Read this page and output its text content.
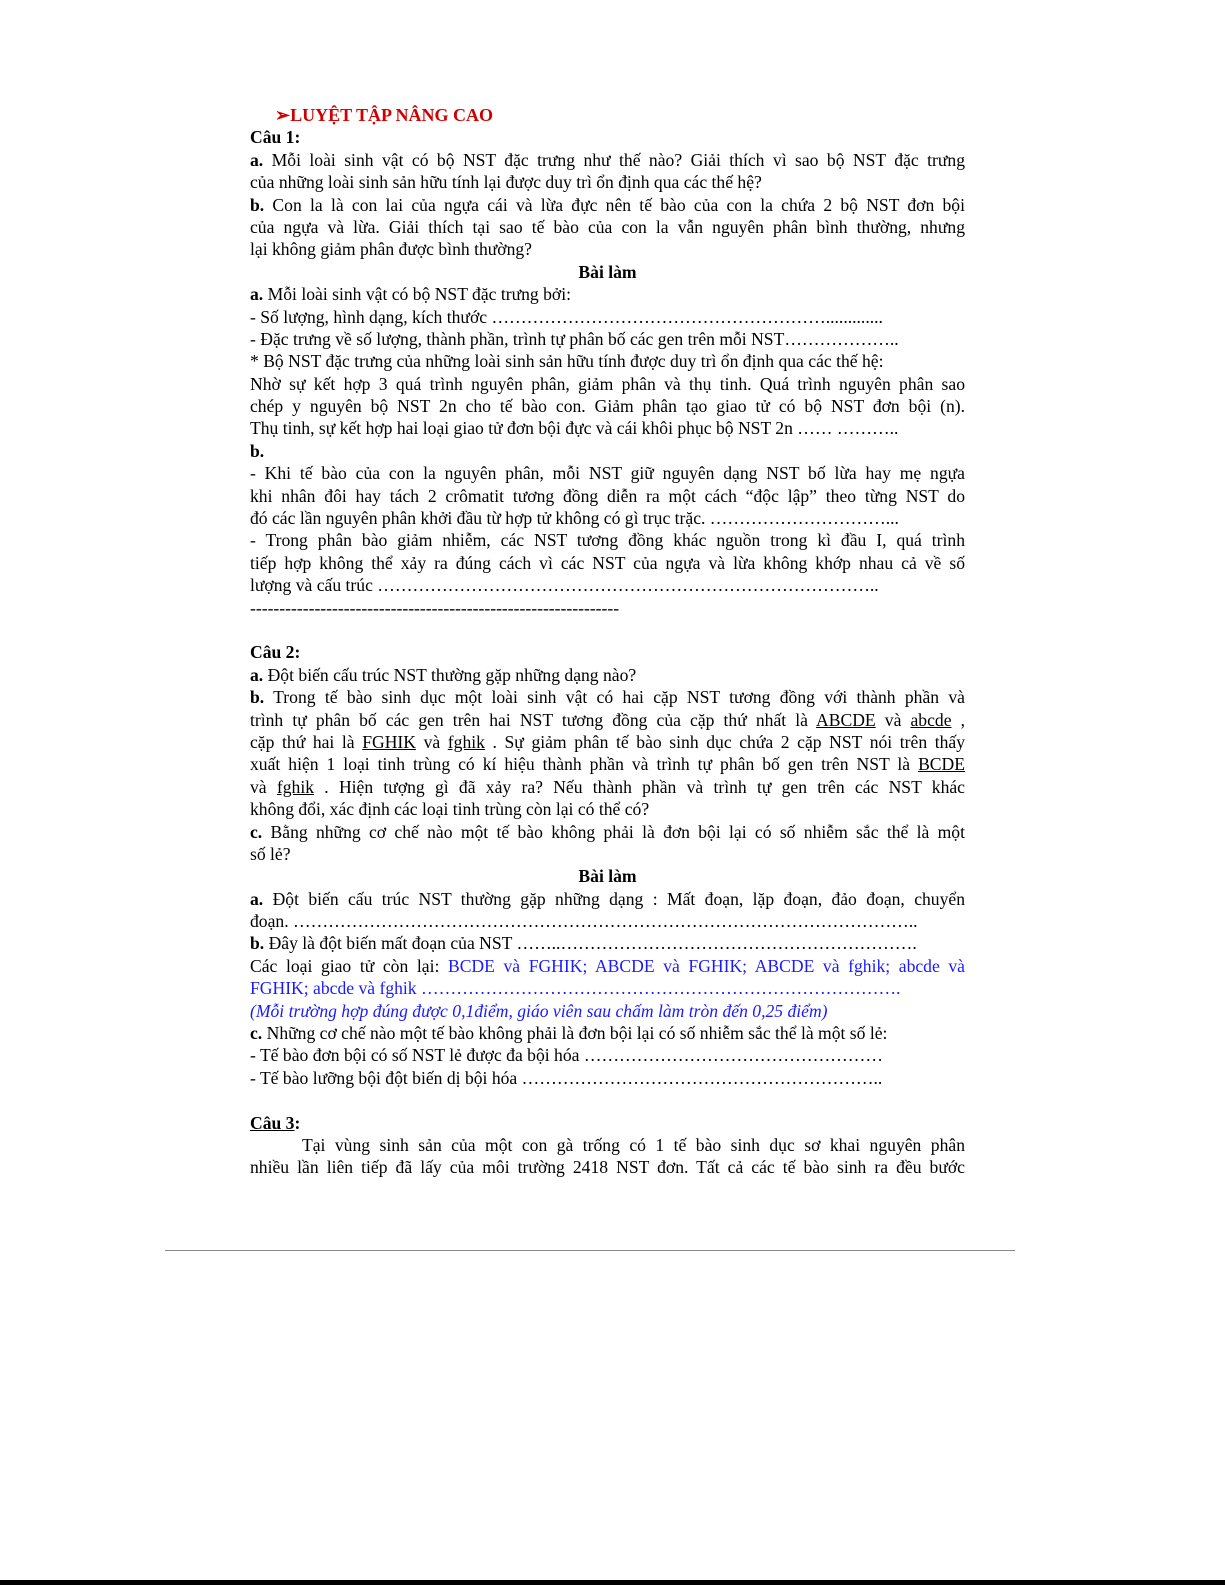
➢LUYỆT TẬP NÂNG CAO
Câu 1:
a. Mỗi loài sinh vật có bộ NST đặc trưng như thế nào? Giải thích vì sao bộ NST đặc trưng
của những loài sinh sản hữu tính lại được duy trì ổn định qua các thế hệ?
b. Con la là con lai của ngựa cái và lừa đực nên tế bào của con la chứa 2 bộ NST đơn bội
của ngựa và lừa. Giải thích tại sao tế bào của con la vẫn nguyên phân bình thường, nhưng
lại không giảm phân được bình thường?
Bài làm
a. Mỗi loài sinh vật có bộ NST đặc trưng bởi:
- Số lượng, hình dạng, kích thước ………………………………………………….............
- Đặc trưng về số lượng, thành phần, trình tự phân bố các gen trên mỗi NST………………..
* Bộ NST đặc trưng của những loài sinh sản hữu tính được duy trì ổn định qua các thế hệ:
Nhờ sự kết hợp 3 quá trình nguyên phân, giảm phân và thụ tinh. Quá trình nguyên phân sao
chép y nguyên bộ NST 2n cho tế bào con. Giảm phân tạo giao tử có bộ NST đơn bội (n).
Thụ tinh, sự kết hợp hai loại giao tử đơn bội đực và cái khôi phục bộ NST 2n …… ………..
b.
- Khi tế bào của con la nguyên phân, mỗi NST giữ nguyên dạng NST bố lừa hay mẹ ngựa
khi nhân đôi hay tách 2 crômatit tương đồng diễn ra một cách “độc lập” theo từng NST do
đó các lần nguyên phân khởi đầu từ hợp tử không có gì trục trặc. …………………………...
- Trong phân bào giảm nhiễm, các NST tương đồng khác nguồn trong kì đầu I, quá trình
tiếp hợp không thể xảy ra đúng cách vì các NST của ngựa và lừa không khớp nhau cả về số
lượng và cấu trúc …………………………………………………………………………..
---------------------------------------------------------------
Câu 2:
a. Đột biến cấu trúc NST thường gặp những dạng nào?
b. Trong tế bào sinh dục một loài sinh vật có hai cặp NST tương đồng với thành phần và
trình tự phân bố các gen trên hai NST tương đồng của cặp thứ nhất là ABCDE và abcde ,
cặp thứ hai là FGHIK và fghik . Sự giảm phân tế bào sinh dục chứa 2 cặp NST nói trên thấy
xuất hiện 1 loại tinh trùng có kí hiệu thành phần và trình tự phân bố gen trên NST là BCDE
và fghik . Hiện tượng gì đã xảy ra? Nếu thành phần và trình tự gen trên các NST khác
không đổi, xác định các loại tinh trùng còn lại có thể có?
c. Bằng những cơ chế nào một tế bào không phải là đơn bội lại có số nhiễm sắc thể là một
số lẻ?
Bài làm
a. Đột biến cấu trúc NST thường gặp những dạng : Mất đoạn, lặp đoạn, đảo đoạn, chuyển
đoạn. ……………………………………………………………………………………………..
b. Đây là đột biến mất đoạn của NST ……..…………………………………………………….
Các loại giao tử còn lại: BCDE và FGHIK; ABCDE và FGHIK; ABCDE và fghik; abcde và
FGHIK; abcde và fghik ……………………………………………………………………….
(Mỗi trường hợp đúng được 0,1điểm, giáo viên sau chấm làm tròn đến 0,25 điểm)
c. Những cơ chế nào một tế bào không phải là đơn bội lại có số nhiễm sắc thể là một số lẻ:
- Tế bào đơn bội có số NST lẻ được đa bội hóa ……………………………………………
- Tế bào lưỡng bội đột biến dị bội hóa ……………………………………………………..
Câu 3:
Tại vùng sinh sản của một con gà trống có 1 tế bào sinh dục sơ khai nguyên phân
nhiều lần liên tiếp đã lấy của môi trường 2418 NST đơn. Tất cả các tế bào sinh ra đều bước
